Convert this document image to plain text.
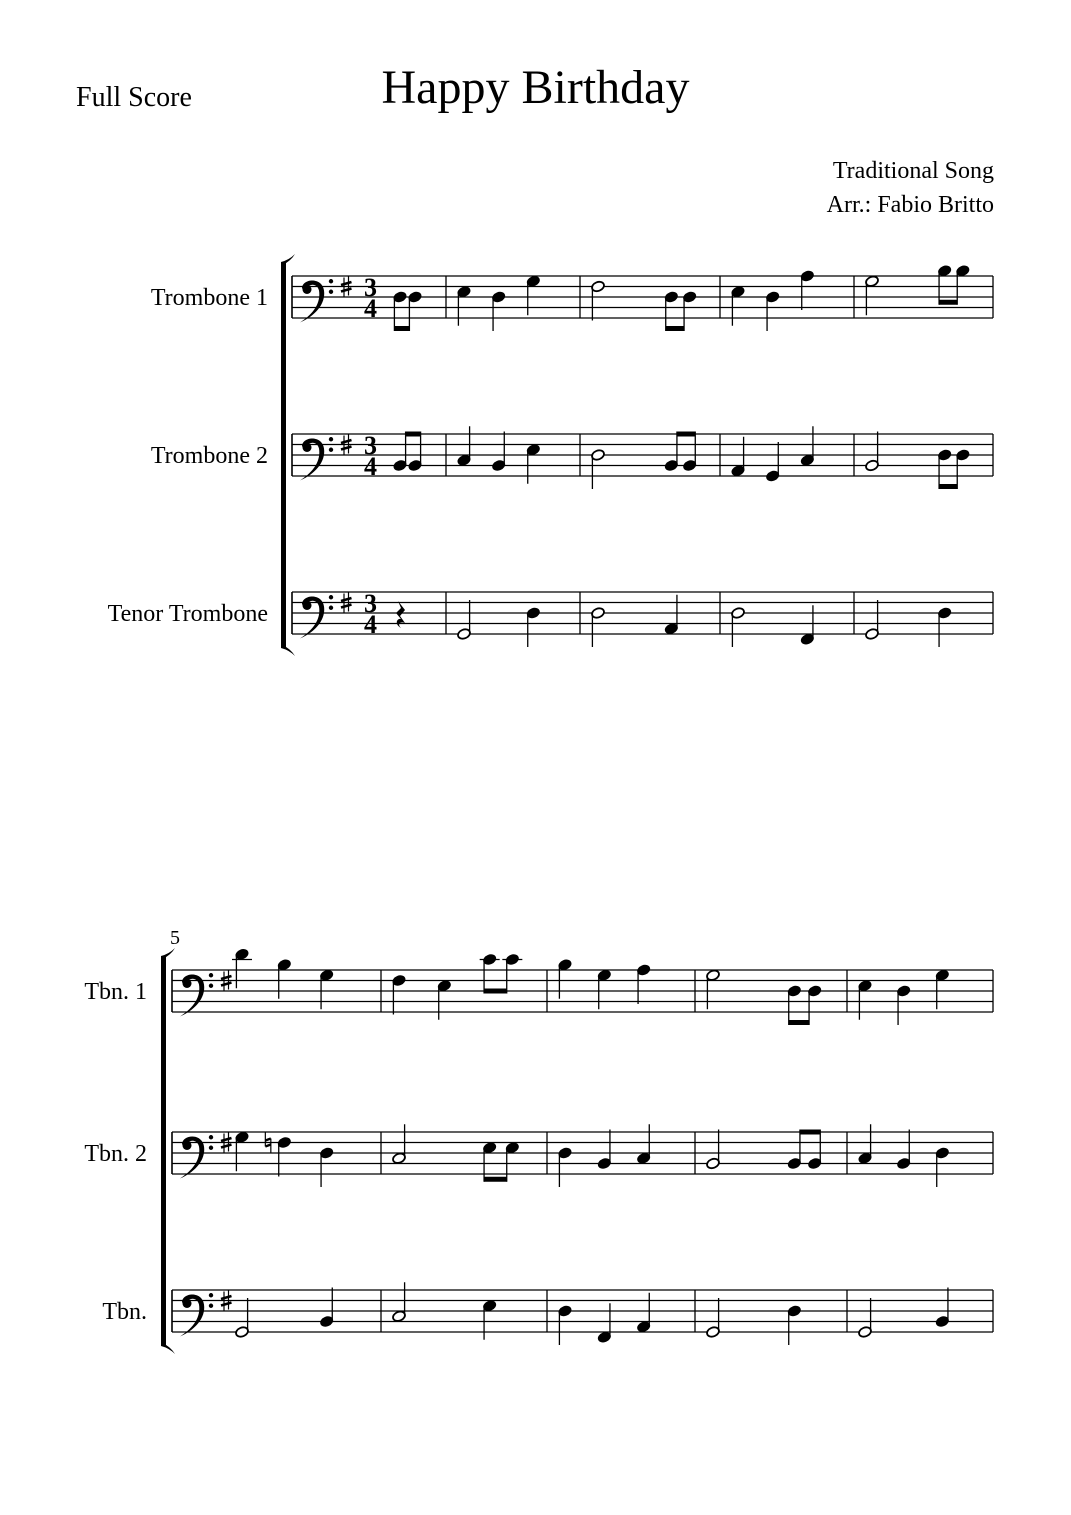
Full Score	Happy Birthday
Traditional Song
Arr.: Fabio Britto
Trombone 1	3
4
Trombone 2	3
4
Tenor Trombone	3
4
5
Tbn. 1
Tbn. 2
Tbn.
